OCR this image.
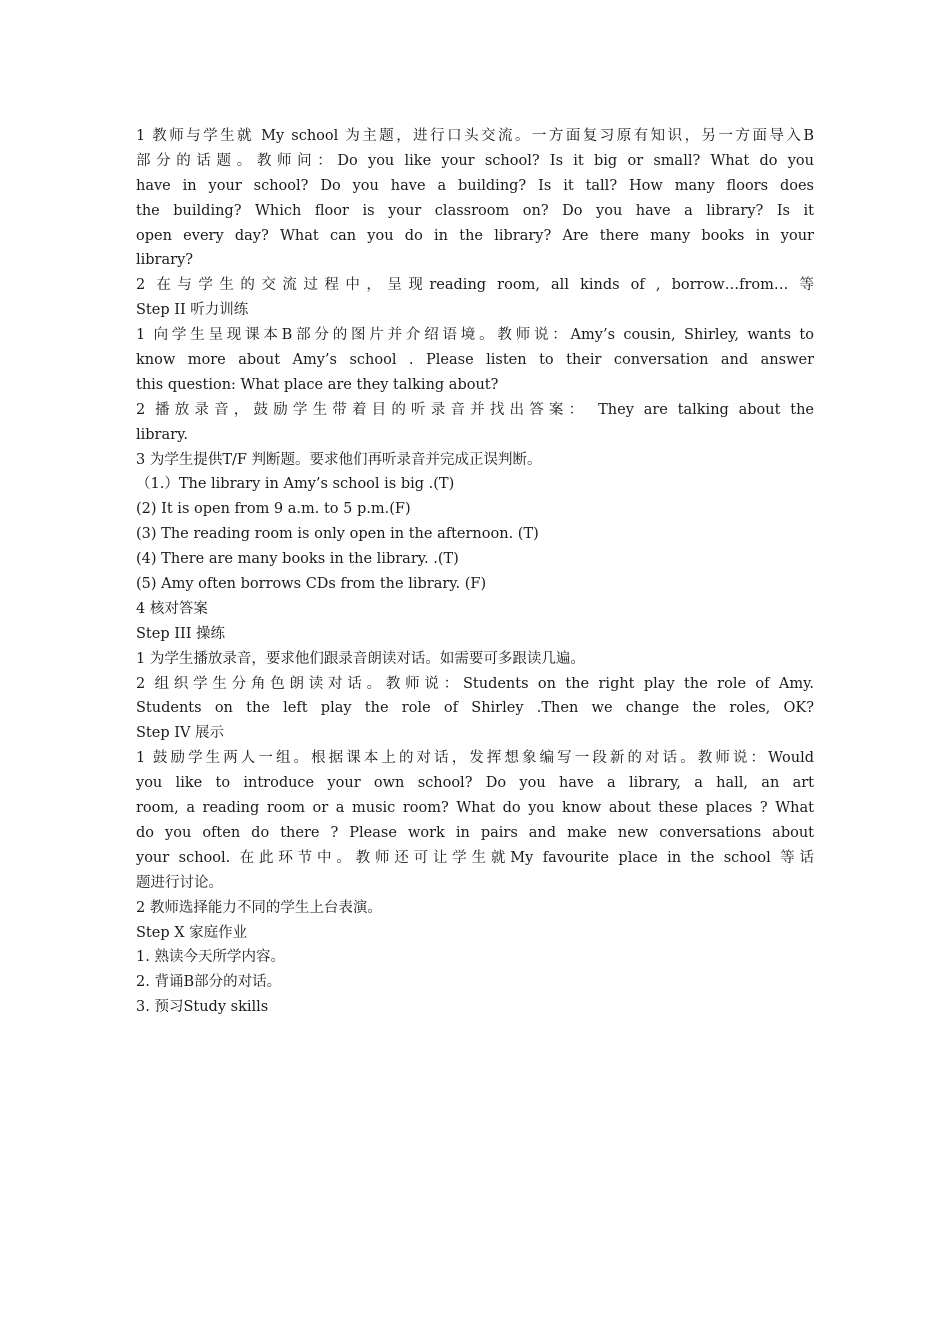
1 教师与学生就 My school 为主题，进行口头交流。一方面复习原有知识，另一方面导入B
部分的话题。教师问：Do you like your school? Is it big or small? What do you
have in your school? Do you have a building? Is it tall? How many floors does
the building? Which floor is your classroom on? Do you have a library? Is it
open every day? What can you do in the library? Are there many books in your
library?
2 在与学生的交流过程中，呈现reading room, all kinds of , borrow…from… 等
Step II 听力训练
1 向学生呈现课本B部分的图片并介绍语境。教师说：Amy’s cousin, Shirley, wants to
know more about Amy’s school . Please listen to their conversation and answer
this question: What place are they talking about?
2 播放录音，鼓励学生带着目的听录音并找出答案： They are talking about the
library.
3 为学生提供T/F 判断题。要求他们再听录音并完成正误判断。
（1.）The library in Amy’s school is big .(T)
(2) It is open from 9 a.m. to 5 p.m.(F)
(3) The reading room is only open in the afternoon. (T)
(4) There are many books in the library. .(T)
(5) Amy often borrows CDs from the library. (F)
4 核对答案
Step III 操练
1 为学生播放录音，要求他们跟录音朗读对话。如需要可多跟读几遍。
2 组织学生分角色朗读对话。教师说：Students on the right play the role of Amy.
Students on the left play the role of Shirley .Then we change the roles, OK?
Step IV 展示
1 鼓励学生两人一组。根据课本上的对话，发挥想象编写一段新的对话。教师说：Would
you like to introduce your own school? Do you have a library, a hall, an art
room, a reading room or a music room? What do you know about these places ? What
do you often do there ? Please work in pairs and make new conversations about
your school. 在此环节中。教师还可让学生就My favourite place in the school 等话
题进行讨论。
2 教师选择能力不同的学生上台表演。
Step X 家庭作业
1. 熟读今天所学内容。
2. 背诵B部分的对话。
3. 预习Study skills
